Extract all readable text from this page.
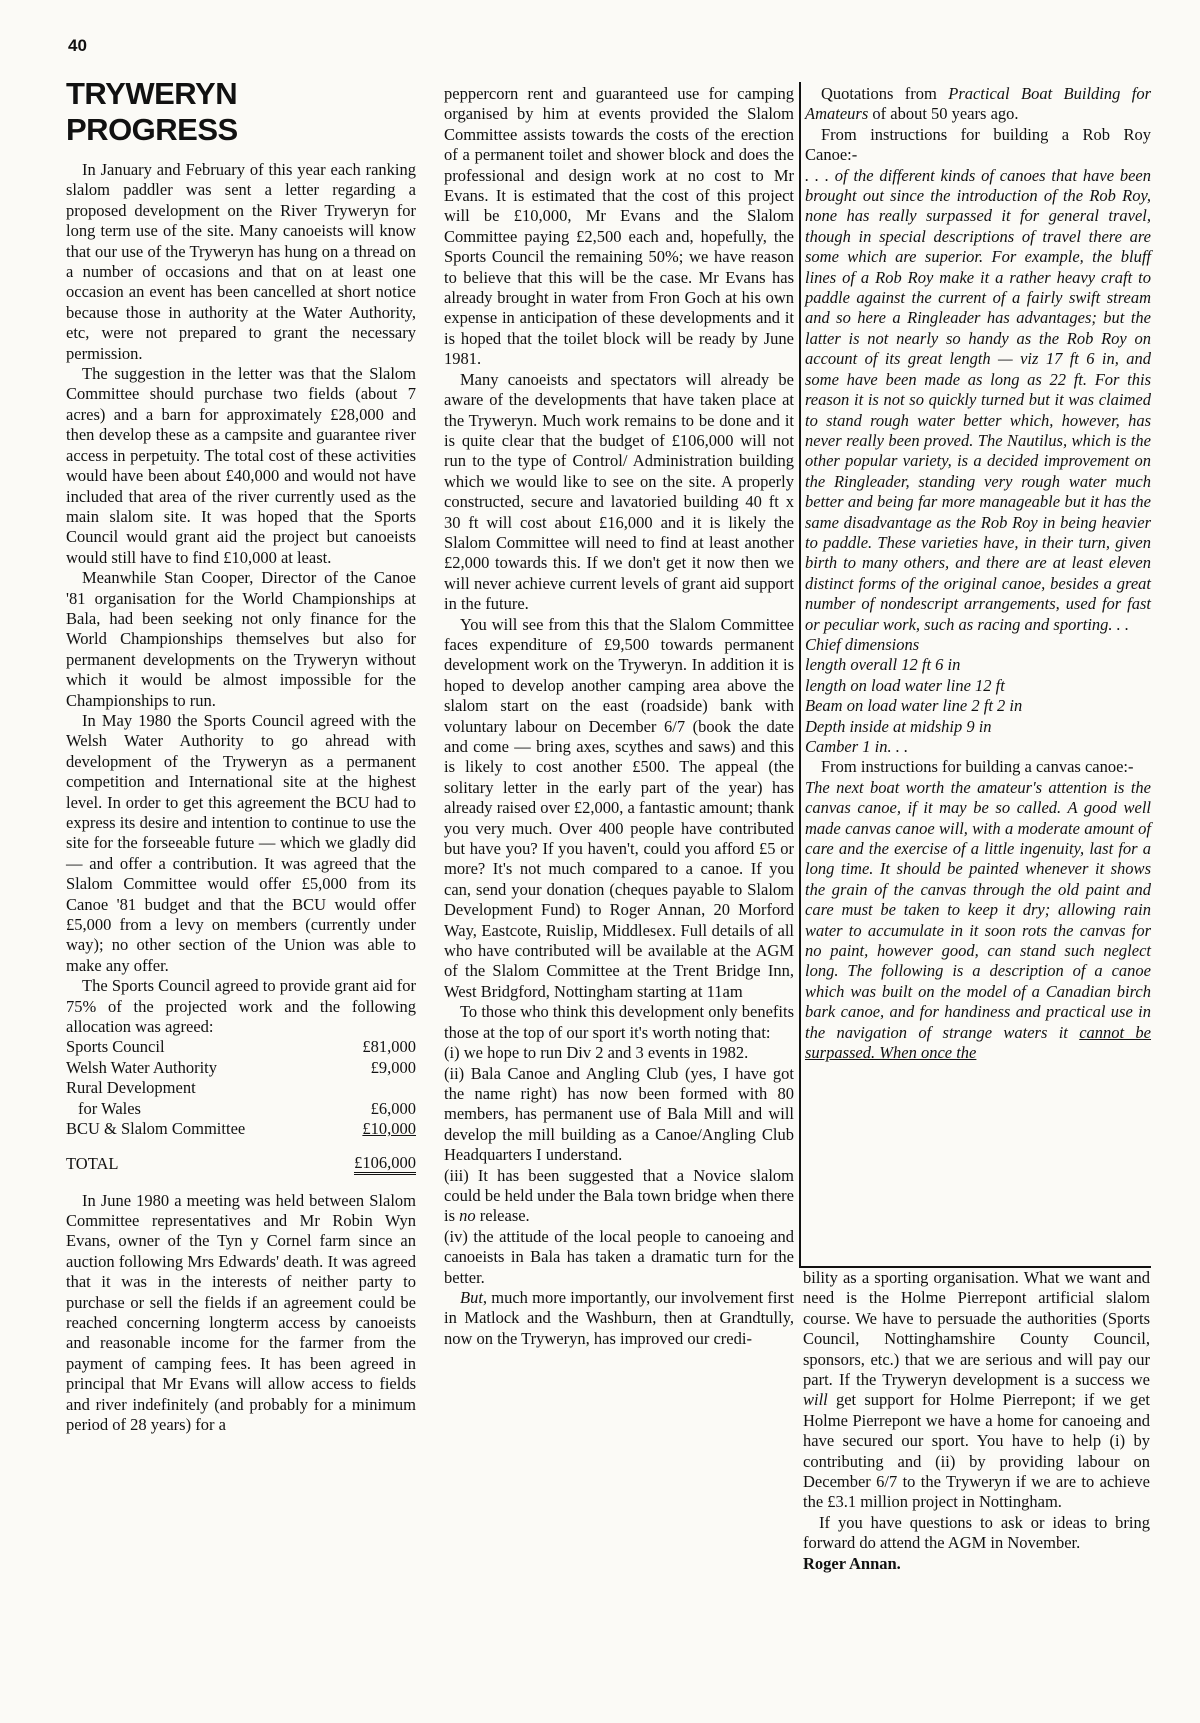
40
TRYWERYN PROGRESS

In January and February of this year each ranking slalom paddler was sent a letter regarding a proposed development on the River Tryweryn for long term use of the site. Many canoeists will know that our use of the Tryweryn has hung on a thread on a number of occasions and that on at least one occasion an event has been cancelled at short notice because those in authority at the Water Authority, etc, were not prepared to grant the necessary permission.

The suggestion in the letter was that the Slalom Committee should purchase two fields (about 7 acres) and a barn for approximately £28,000 and then develop these as a campsite and guarantee river access in perpetuity. The total cost of these activities would have been about £40,000 and would not have included that area of the river currently used as the main slalom site. It was hoped that the Sports Council would grant aid the project but canoeists would still have to find £10,000 at least.

Meanwhile Stan Cooper, Director of the Canoe '81 organisation for the World Championships at Bala, had been seeking not only finance for the World Championships themselves but also for permanent developments on the Tryweryn without which it would be almost impossible for the Championships to run.

In May 1980 the Sports Council agreed with the Welsh Water Authority to go ahread with development of the Tryweryn as a permanent competition and International site at the highest level. In order to get this agreement the BCU had to express its desire and intention to continue to use the site for the forseeable future — which we gladly did — and offer a contribution. It was agreed that the Slalom Committee would offer £5,000 from its Canoe '81 budget and that the BCU would offer £5,000 from a levy on members (currently under way); no other section of the Union was able to make any offer.

The Sports Council agreed to provide grant aid for 75% of the projected work and the following allocation was agreed:

Sports Council	£81,000
Welsh Water Authority	£9,000
Rural Development
for Wales	£6,000
BCU & Slalom Committee	£10,000
TOTAL	£106,000

In June 1980 a meeting was held between Slalom Committee representatives and Mr Robin Wyn Evans, owner of the Tyn y Cornel farm since an auction following Mrs Edwards' death. It was agreed that it was in the interests of neither party to purchase or sell the fields if an agreement could be reached concerning longterm access by canoeists and reasonable income for the farmer from the payment of camping fees. It has been agreed in principal that Mr Evans will allow access to fields and river indefinitely (and probably for a minimum period of 28 years) for a

peppercorn rent and guaranteed use for camping organised by him at events provided the Slalom Committee assists towards the costs of the erection of a permanent toilet and shower block and does the professional and design work at no cost to Mr Evans. It is estimated that the cost of this project will be £10,000, Mr Evans and the Slalom Committee paying £2,500 each and, hopefully, the Sports Council the remaining 50%; we have reason to believe that this will be the case. Mr Evans has already brought in water from Fron Goch at his own expense in anticipation of these developments and it is hoped that the toilet block will be ready by June 1981.

Many canoeists and spectators will already be aware of the developments that have taken place at the Tryweryn. Much work remains to be done and it is quite clear that the budget of £106,000 will not run to the type of Control/ Administration building which we would like to see on the site. A properly constructed, secure and lavatoried building 40 ft x 30 ft will cost about £16,000 and it is likely the Slalom Committee will need to find at least another £2,000 towards this. If we don't get it now then we will never achieve current levels of grant aid support in the future.

You will see from this that the Slalom Committee faces expenditure of £9,500 towards permanent development work on the Tryweryn. In addition it is hoped to develop another camping area above the slalom start on the east (roadside) bank with voluntary labour on December 6/7 (book the date and come — bring axes, scythes and saws) and this is likely to cost another £500. The appeal (the solitary letter in the early part of the year) has already raised over £2,000, a fantastic amount; thank you very much. Over 400 people have contributed but have you? If you haven't, could you afford £5 or more? It's not much compared to a canoe. If you can, send your donation (cheques payable to Slalom Development Fund) to Roger Annan, 20 Morford Way, Eastcote, Ruislip, Middlesex. Full details of all who have contributed will be available at the AGM of the Slalom Committee at the Trent Bridge Inn, West Bridgford, Nottingham starting at 11am

To those who think this development only benefits those at the top of our sport it's worth noting that:

(i) we hope to run Div 2 and 3 events in 1982.

(ii) Bala Canoe and Angling Club (yes, I have got the name right) has now been formed with 80 members, has permanent use of Bala Mill and will develop the mill building as a Canoe/Angling Club Headquarters I understand.

(iii) It has been suggested that a Novice slalom could be held under the Bala town bridge when there is no release.

(iv) the attitude of the local people to canoeing and canoeists in Bala has taken a dramatic turn for the better.

But, much more importantly, our involvement first in Matlock and the Washburn, then at Grandtully, now on the Tryweryn, has improved our credi-

Quotations from Practical Boat Building for Amateurs of about 50 years ago.

From instructions for building a Rob Roy Canoe:-

. . . of the different kinds of canoes that have been brought out since the introduction of the Rob Roy, none has really surpassed it for general travel, though in special descriptions of travel there are some which are superior. For example, the bluff lines of a Rob Roy make it a rather heavy craft to paddle against the current of a fairly swift stream and so here a Ringleader has advantages; but the latter is not nearly so handy as the Rob Roy on account of its great length — viz 17 ft 6 in, and some have been made as long as 22 ft. For this reason it is not so quickly turned but it was claimed to stand rough water better which, however, has never really been proved. The Nautilus, which is the other popular variety, is a decided improvement on the Ringleader, standing very rough water much better and being far more manageable but it has the same disadvantage as the Rob Roy in being heavier to paddle. These varieties have, in their turn, given birth to many others, and there are at least eleven distinct forms of the original canoe, besides a great number of nondescript arrangements, used for fast or peculiar work, such as racing and sporting. . .

Chief dimensions

length overall 12 ft 6 in

length on load water line 12 ft

Beam on load water line 2 ft 2 in

Depth inside at midship 9 in

Camber 1 in. . .

From instructions for building a canvas canoe:-

The next boat worth the amateur's attention is the canvas canoe, if it may be so called. A good well made canvas canoe will, with a moderate amount of care and the exercise of a little ingenuity, last for a long time. It should be painted whenever it shows the grain of the canvas through the old paint and care must be taken to keep it dry; allowing rain water to accumulate in it soon rots the canvas for no paint, however good, can stand such neglect long. The following is a description of a canoe which was built on the model of a Canadian birch bark canoe, and for handiness and practical use in the navigation of strange waters it cannot be surpassed. When once the

bility as a sporting organisation. What we want and need is the Holme Pierrepont artificial slalom course. We have to persuade the authorities (Sports Council, Nottinghamshire County Council, sponsors, etc.) that we are serious and will pay our part. If the Tryweryn development is a success we will get support for Holme Pierrepont; if we get Holme Pierrepont we have a home for canoeing and have secured our sport. You have to help (i) by contributing and (ii) by providing labour on December 6/7 to the Tryweryn if we are to achieve the £3.1 million project in Nottingham.

If you have questions to ask or ideas to bring forward do attend the AGM in November.

Roger Annan.
